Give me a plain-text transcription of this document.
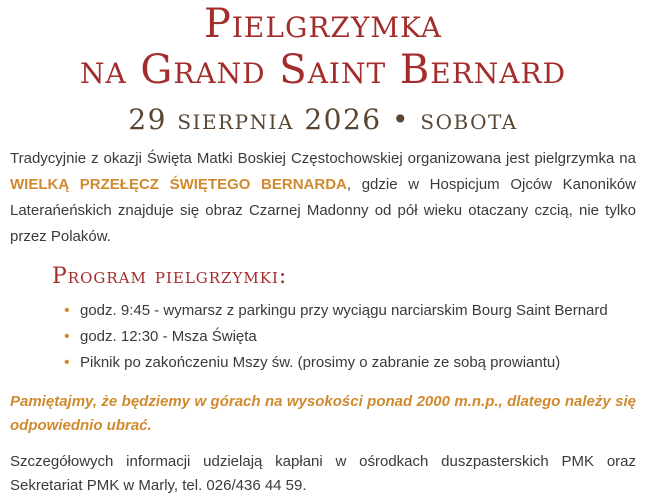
Pielgrzymka
na Grand Saint Bernard
29 sierpnia 2026 • sobota

Tradycyjnie z okazji Święta Matki Boskiej Częstochowskiej organizowana jest pielgrzymka na WIELKĄ PRZEŁĘCZ ŚWIĘTEGO BERNARDA, gdzie w Hospicjum Ojców Kanoników Laterańeńskich znajduje się obraz Czarnej Madonny od pół wieku otaczany czcią, nie tylko przez Polaków.

Program pielgrzymki:
• godz. 9:45 - wymarsz z parkingu przy wyciągu narciarskim Bourg Saint Bernard
• godz. 12:30 - Msza Święta
• Piknik po zakończeniu Mszy św. (prosimy o zabranie ze sobą prowiantu)

Pamiętajmy, że będziemy w górach na wysokości ponad 2000 m.n.p., dlatego należy się odpowiednio ubrać.

Szczegółowych informacji udzielają kapłani w ośrodkach duszpasterskich PMK oraz Sekretariat PMK w Marly, tel. 026/436 44 59.
